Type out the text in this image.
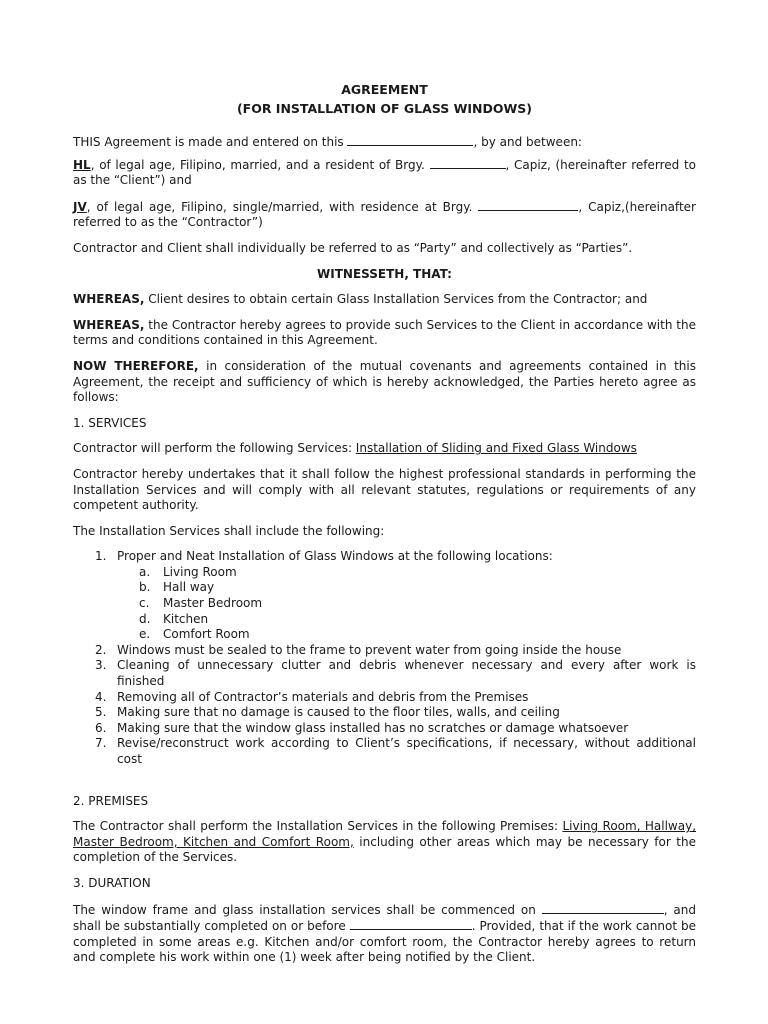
AGREEMENT
(FOR INSTALLATION OF GLASS WINDOWS)

THIS Agreement is made and entered on this	, by and between:

HL, of legal age, Filipino, married, and a resident of Brgy.	, Capiz, (hereinafter referred to as the “Client”) and

JV, of legal age, Filipino, single/married, with residence at Brgy.	, Capiz,(hereinafter referred to as the “Contractor”)

Contractor and Client shall individually be referred to as “Party” and collectively as “Parties”.

WITNESSETH, THAT:

WHEREAS, Client desires to obtain certain Glass Installation Services from the Contractor; and

WHEREAS, the Contractor hereby agrees to provide such Services to the Client in accordance with the terms and conditions contained in this Agreement.

NOW THEREFORE, in consideration of the mutual covenants and agreements contained in this Agreement, the receipt and sufficiency of which is hereby acknowledged, the Parties hereto agree as follows:

1. SERVICES

Contractor will perform the following Services: Installation of Sliding and Fixed Glass Windows

Contractor hereby undertakes that it shall follow the highest professional standards in performing the Installation Services and will comply with all relevant statutes, regulations or requirements of any competent authority.

The Installation Services shall include the following:

1. Proper and Neat Installation of Glass Windows at the following locations:
a. Living Room
b. Hall way
c. Master Bedroom
d. Kitchen
e. Comfort Room
2. Windows must be sealed to the frame to prevent water from going inside the house
3. Cleaning of unnecessary clutter and debris whenever necessary and every after work is finished
4. Removing all of Contractor’s materials and debris from the Premises
5. Making sure that no damage is caused to the floor tiles, walls, and ceiling
6. Making sure that the window glass installed has no scratches or damage whatsoever
7. Revise/reconstruct work according to Client’s specifications, if necessary, without additional cost

2. PREMISES

The Contractor shall perform the Installation Services in the following Premises: Living Room, Hallway, Master Bedroom, Kitchen and Comfort Room, including other areas which may be necessary for the completion of the Services.

3. DURATION

The window frame and glass installation services shall be commenced on	, and shall be substantially completed on or before	. Provided, that if the work cannot be completed in some areas e.g. Kitchen and/or comfort room, the Contractor hereby agrees to return and complete his work within one (1) week after being notified by the Client.
